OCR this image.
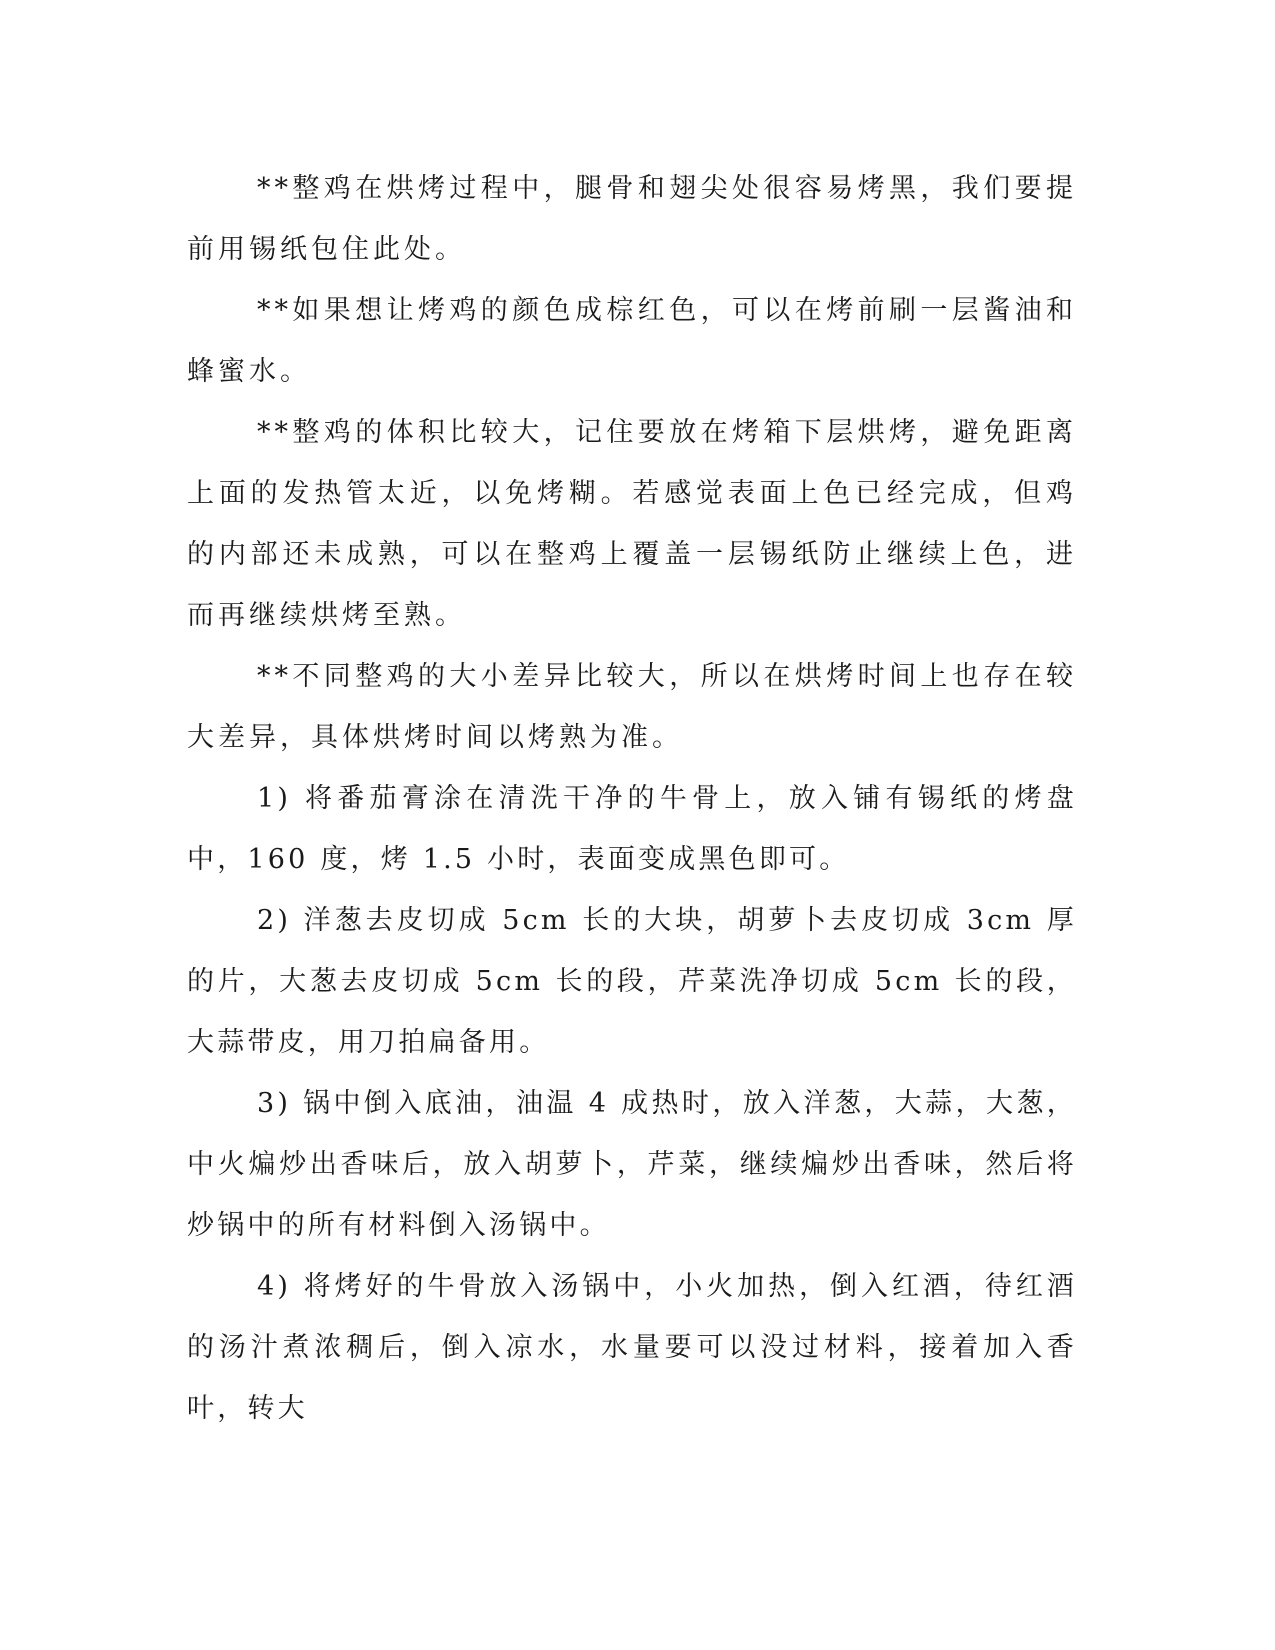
**整鸡在烘烤过程中，腿骨和翅尖处很容易烤黑，我们要提前用锡纸包住此处。

**如果想让烤鸡的颜色成棕红色，可以在烤前刷一层酱油和蜂蜜水。

**整鸡的体积比较大，记住要放在烤箱下层烘烤，避免距离上面的发热管太近，以免烤糊。若感觉表面上色已经完成，但鸡的内部还未成熟，可以在整鸡上覆盖一层锡纸防止继续上色，进而再继续烘烤至熟。

**不同整鸡的大小差异比较大，所以在烘烤时间上也存在较大差异，具体烘烤时间以烤熟为准。

1) 将番茄膏涂在清洗干净的牛骨上，放入铺有锡纸的烤盘中，160 度，烤 1.5 小时，表面变成黑色即可。

2) 洋葱去皮切成 5cm 长的大块，胡萝卜去皮切成 3cm 厚的片，大葱去皮切成 5cm 长的段，芹菜洗净切成 5cm 长的段，大蒜带皮，用刀拍扁备用。

3) 锅中倒入底油，油温 4 成热时，放入洋葱，大蒜，大葱，中火煸炒出香味后，放入胡萝卜，芹菜，继续煸炒出香味，然后将炒锅中的所有材料倒入汤锅中。

4) 将烤好的牛骨放入汤锅中，小火加热，倒入红酒，待红酒的汤汁煮浓稠后，倒入凉水，水量要可以没过材料，接着加入香叶，转大
